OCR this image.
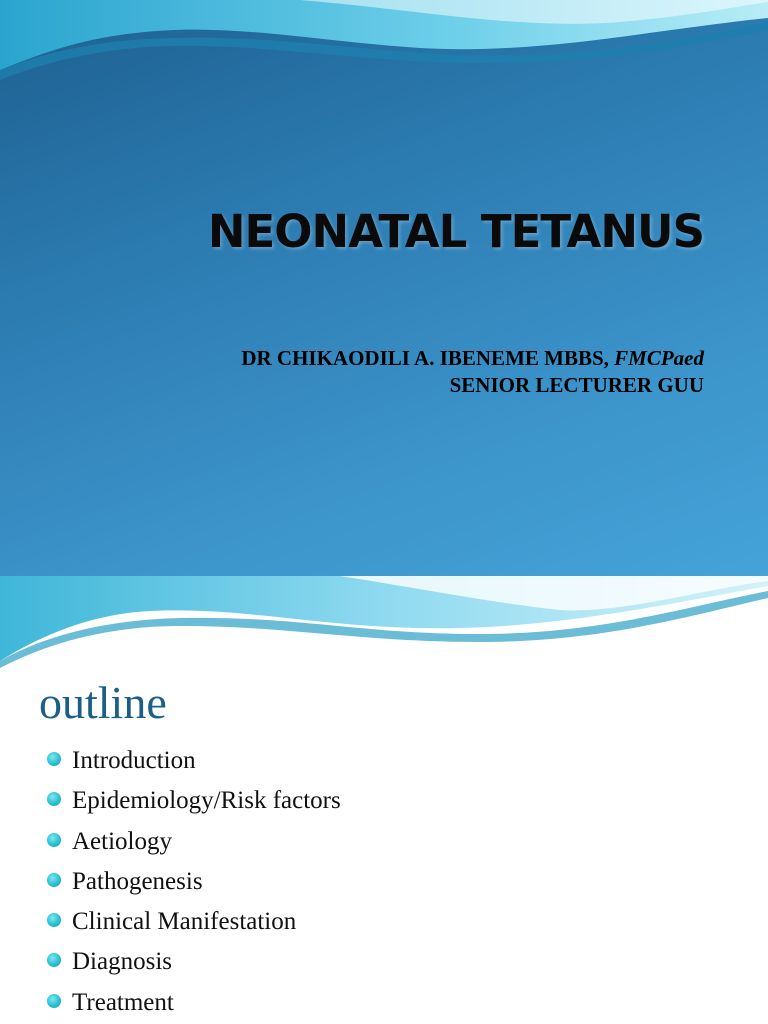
NEONATAL TETANUS
DR CHIKAODILI A. IBENEME MBBS, FMCPaed
SENIOR LECTURER GUU
outline
Introduction
Epidemiology/Risk factors
Aetiology
Pathogenesis
Clinical Manifestation
Diagnosis
Treatment
